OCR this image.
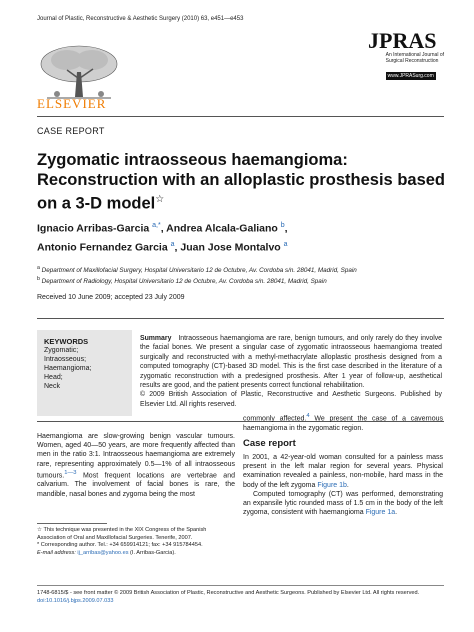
Journal of Plastic, Reconstructive & Aesthetic Surgery (2010) 63, e451—e453
ELSEVIER
JPRAS
An International Journal of
Surgical Reconstruction
www.JPRASurg.com
CASE REPORT
Zygomatic intraosseous haemangioma: Reconstruction with an alloplastic prosthesis based on a 3-D model☆
Ignacio Arribas-Garcia $^{a,*}$, Andrea Alcala-Galiano $^b$,
Antonio Fernandez Garcia $^a$, Juan Jose Montalvo $^a$
$^a$ Department of Maxillofacial Surgery, Hospital Universitario 12 de Octubre, Av. Cordoba s/n. 28041, Madrid, Spain
$^b$ Department of Radiology, Hospital Universitario 12 de Octubre, Av. Cordoba s/n. 28041, Madrid, Spain
Received 10 June 2009; accepted 23 July 2009
KEYWORDS
Zygomatic;
Intraosseous;
Haemangioma;
Head;
Neck
Summary Intraosseous haemangioma are rare, benign tumours, and only rarely do they involve the facial bones. We present a singular case of zygomatic intraosseous haemangioma treated surgically and reconstructed with a methyl-methacrylate alloplastic prosthesis designed from a computed tomography (CT)-based 3D model. This is the first case described in the literature of a zygomatic reconstruction with a predesigned prosthesis. After 1 year of follow-up, aesthetical results are good, and the patient presents correct functional rehabilitation.
© 2009 British Association of Plastic, Reconstructive and Aesthetic Surgeons. Published by Elsevier Ltd. All rights reserved.
Haemangioma are slow-growing benign vascular tumours. Women, aged 40—50 years, are more frequently affected than men in the ratio 3:1. Intraosseous haemangioma are extremely rare, representing approximately 0.5—1% of all intraosseous tumours.$^{1—3}$ Most frequent locations are vertebrae and calvarium. The involvement of facial bones is rare, the mandible, nasal bones and zygoma being the most
commonly affected.$^4$ We present the case of a cavernous haemangioma in the zygomatic region.
Case report
In 2001, a 42-year-old woman consulted for a painless mass present in the left malar region for several years. Physical examination revealed a painless, non-mobile, hard mass in the body of the left zygoma Figure 1b.
Computed tomography (CT) was performed, demonstrating an expansile lytic rounded mass of 1.5 cm in the body of the left zygoma, consistent with haemangioma Figure 1a.
☆ This technique was presented in the XIX Congress of the Spanish Association of Oral and Maxillofacial Surgeries. Tenerife, 2007.
* Corresponding author. Tel.: +34 659914121; fax: +34 915784454.
E-mail address: ij_arribas@yahoo.es (I. Arribas-Garcia).
1748-6815/$ - see front matter © 2009 British Association of Plastic, Reconstructive and Aesthetic Surgeons. Published by Elsevier Ltd. All rights reserved.
doi:10.1016/j.bjps.2009.07.033
